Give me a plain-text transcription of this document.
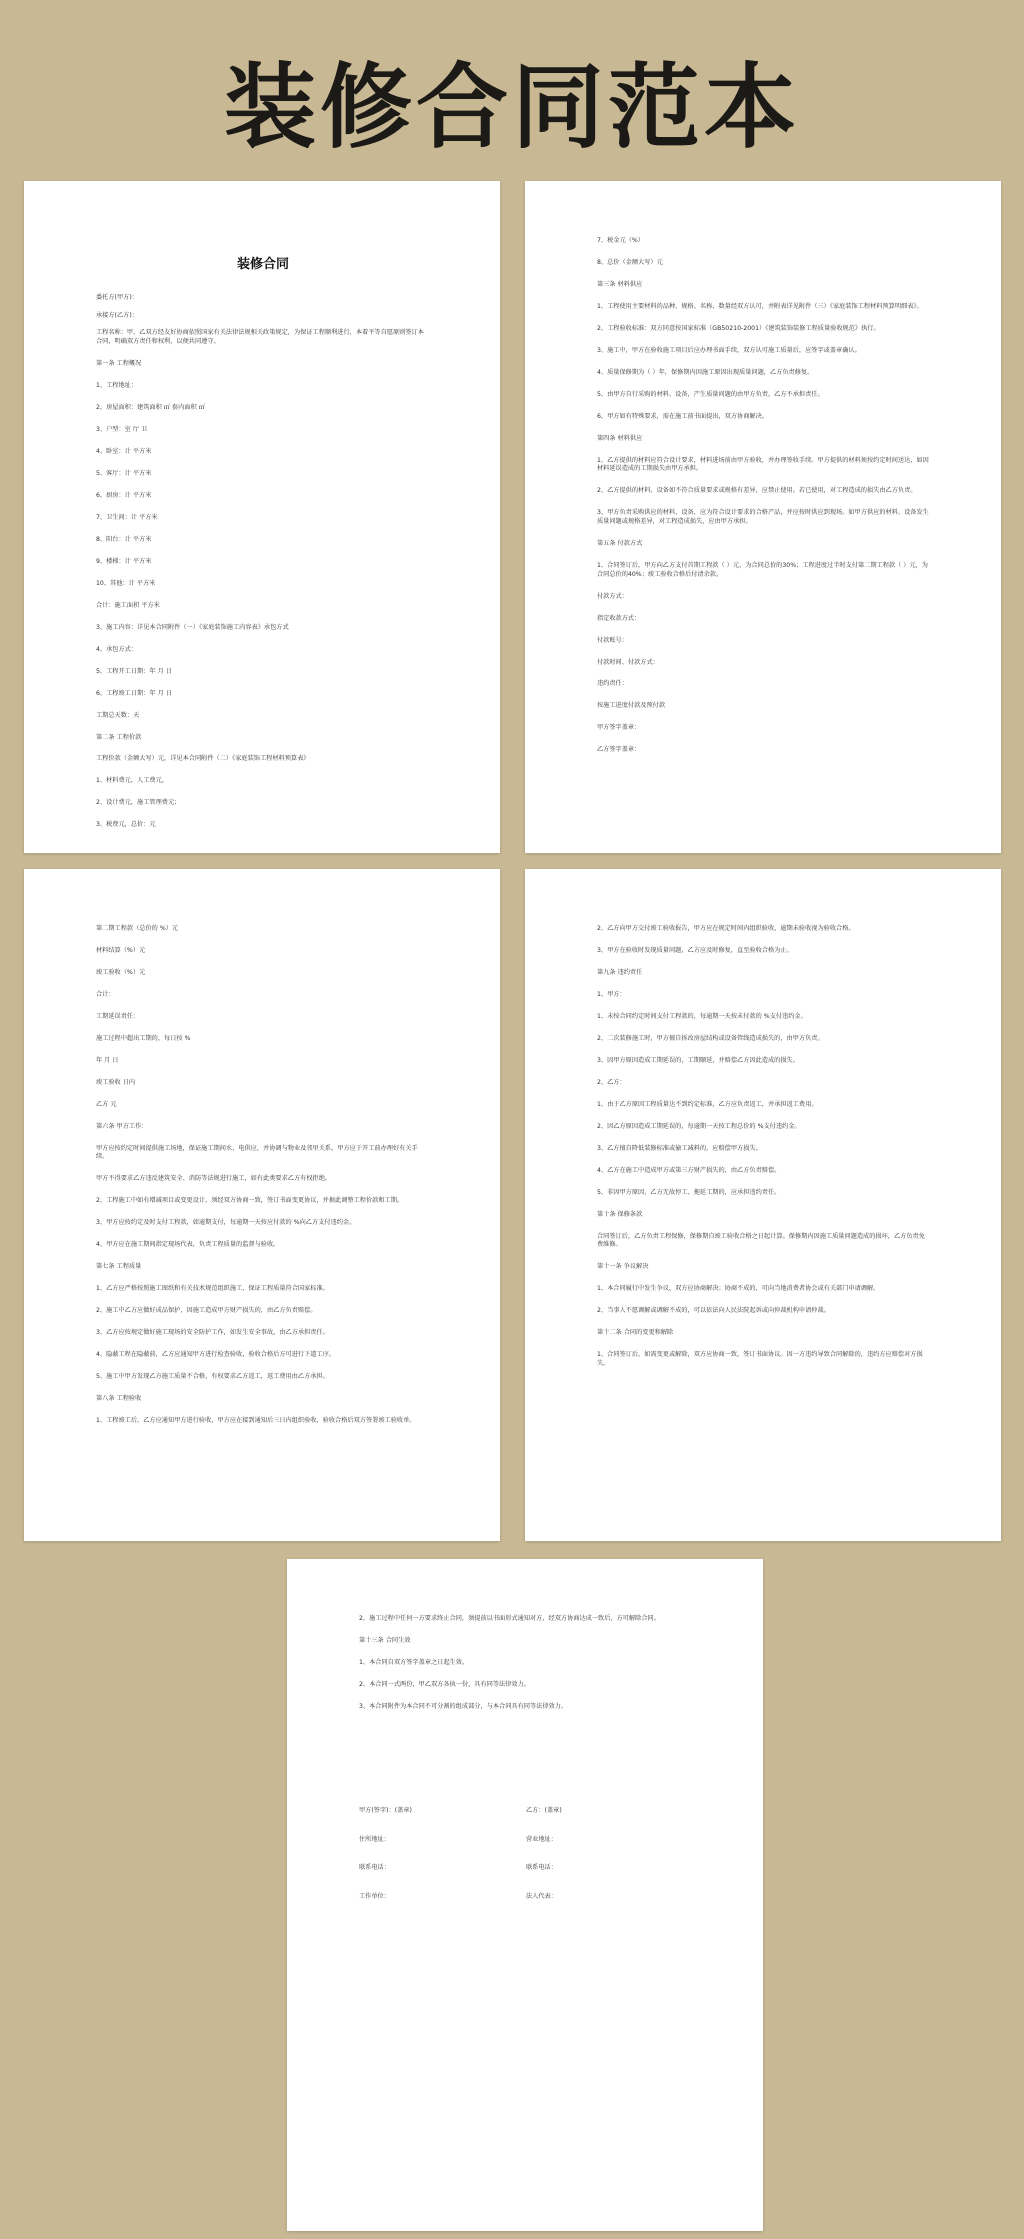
装修合同范本
装修合同
委托方(甲方)：
承接方(乙方)：
工程名称：甲、乙双方经友好协商依照国家有关法律法规相关政策规定，为保证工程顺利进行，本着平等自愿原则签订本合同，明确双方责任和权利，以便共同遵守。
第一条 工程概况
1、工程地址：
2、房屋面积：建筑面积 ㎡ 套内面积 ㎡
3、户型：室 厅 卫
4、卧室：计 平方米
5、客厅：计 平方米
6、厨房：计 平方米
7、卫生间：计 平方米
8、阳台：计 平方米
9、楼梯：计 平方米
10、其他：计 平方米
合计：施工面积 平方米
3、施工内容：详见本合同附件（一）《家庭装饰施工内容表》承包方式
4、承包方式：
5、工程开工日期：年 月 日
6、工程竣工日期：年 月 日
工期总天数：天
第二条 工程价款
工程价款（金额大写）元，详见本合同附件（二）《家庭装饰工程材料预算表》
1、材料费元，人工费元，
2、设计费元，施工管理费元；
3、税费元，总价：元
7、税金元（%）
8、总价（金额大写）元
第三条 材料供应
1、工程使用主要材料的品种、规格、名称、数量经双方认可，并附表详见附件（三）《家庭装饰工程材料预算明细表》。
2、工程验收标准：双方同意按国家标准（GB50210-2001）《建筑装饰装修工程质量验收规范》执行。
3、施工中，甲方在验收施工项目后应办理书面手续，双方认可施工质量后，应签字或盖章确认。
4、质量保修期为（ ）年，保修期内因施工原因出现质量问题，乙方负责修复。
5、由甲方自行采购的材料、设备，产生质量问题的由甲方负责，乙方不承担责任。
6、甲方如有特殊要求，需在施工前书面提出，双方协商解决。
第四条 材料供应
1、乙方提供的材料应符合设计要求，材料进场前由甲方验收，并办理签收手续。甲方提供的材料须按约定时间送达，如因材料延误造成的工期损失由甲方承担。
2、乙方提供的材料、设备如不符合质量要求或规格有差异，应禁止使用。若已使用，对工程造成的损失由乙方负责。
3、甲方负责采购供应的材料、设备，应为符合设计要求的合格产品，并应按时供应到现场。如甲方供应的材料、设备发生质量问题或规格差异，对工程造成损失，应由甲方承担。
第五条 付款方式
1、合同签订后，甲方向乙方支付首期工程款（ ）元，为合同总价的30%；工程进度过半时支付第二期工程款（ ）元，为合同总价的40%；竣工验收合格后付清余款。
付款方式：
指定收款方式：
付款账号：
付款时间、付款方式：
违约责任：
按施工进度付款及预付款
甲方签字盖章：
乙方签字盖章：
第二期工程款（总价的 %）元
材料结算（%）元
竣工验收（%）元
合计：
工期延误责任：
施工过程中超出工期的，每日按 %
年 月 日
竣工验收 日内
乙方 元
第六条 甲方工作：
甲方应按约定时间提供施工场地，保证施工期间水、电供应，并协调与物业及邻里关系。甲方应于开工前办理好有关手续。
甲方不得要求乙方违反建筑安全、消防等法规进行施工，如有此类要求乙方有权拒绝。
2、工程施工中如有增减项目或变更设计，须经双方协商一致，签订书面变更协议，并据此调整工程价款和工期。
3、甲方应按约定及时支付工程款，如逾期支付，每逾期一天按应付款的 %向乙方支付违约金。
4、甲方应在施工期间指定现场代表，负责工程质量的监督与验收。
第七条 工程质量
1、乙方应严格按照施工图纸和有关技术规范组织施工，保证工程质量符合国家标准。
2、施工中乙方应做好成品保护，因施工造成甲方财产损失的，由乙方负责赔偿。
3、乙方应按规定做好施工现场的安全防护工作，如发生安全事故，由乙方承担责任。
4、隐蔽工程在隐蔽前，乙方应通知甲方进行检查验收，验收合格后方可进行下道工序。
5、施工中甲方发现乙方施工质量不合格，有权要求乙方返工，返工费用由乙方承担。
第八条 工程验收
1、工程竣工后，乙方应通知甲方进行验收，甲方应在接到通知后三日内组织验收，验收合格后双方签署竣工验收单。
2、乙方向甲方交付竣工验收报告，甲方应在规定时间内组织验收，逾期未验收视为验收合格。
3、甲方在验收时发现质量问题，乙方应及时修复，直至验收合格为止。
第九条 违约责任
1、甲方：
1、未按合同约定时间支付工程款的，每逾期一天按未付款的 %支付违约金。
2、二次装修施工时，甲方擅自拆改房屋结构或设备管线造成损失的，由甲方负责。
3、因甲方原因造成工期延误的，工期顺延，并赔偿乙方因此造成的损失。
2、乙方：
1、由于乙方原因工程质量达不到约定标准，乙方应负责返工，并承担返工费用。
2、因乙方原因造成工期延误的，每逾期一天按工程总价的 %支付违约金。
3、乙方擅自降低装修标准或偷工减料的，应赔偿甲方损失。
4、乙方在施工中造成甲方或第三方财产损失的，由乙方负责赔偿。
5、非因甲方原因，乙方无故停工、拖延工期的，应承担违约责任。
第十条 保修条款
合同签订后，乙方负责工程保修，保修期自竣工验收合格之日起计算。保修期内因施工质量问题造成的损坏，乙方负责免费维修。
第十一条 争议解决
1、本合同履行中发生争议，双方应协商解决；协商不成的，可向当地消费者协会或有关部门申请调解。
2、当事人不愿调解或调解不成的，可以依法向人民法院起诉或向仲裁机构申请仲裁。
第十二条 合同的变更和解除
1、合同签订后，如需变更或解除，双方应协商一致，签订书面协议。因一方违约导致合同解除的，违约方应赔偿对方损失。
2、施工过程中任何一方要求终止合同，须提前以书面形式通知对方，经双方协商达成一致后，方可解除合同。
第十三条 合同生效
1、本合同自双方签字盖章之日起生效。
2、本合同一式两份，甲乙双方各执一份，具有同等法律效力。
3、本合同附件为本合同不可分割的组成部分，与本合同具有同等法律效力。
甲方(签字)：(盖章)	乙方：(盖章)
住所地址：	营业地址：
联系电话：	联系电话：
工作单位：	法人代表：
